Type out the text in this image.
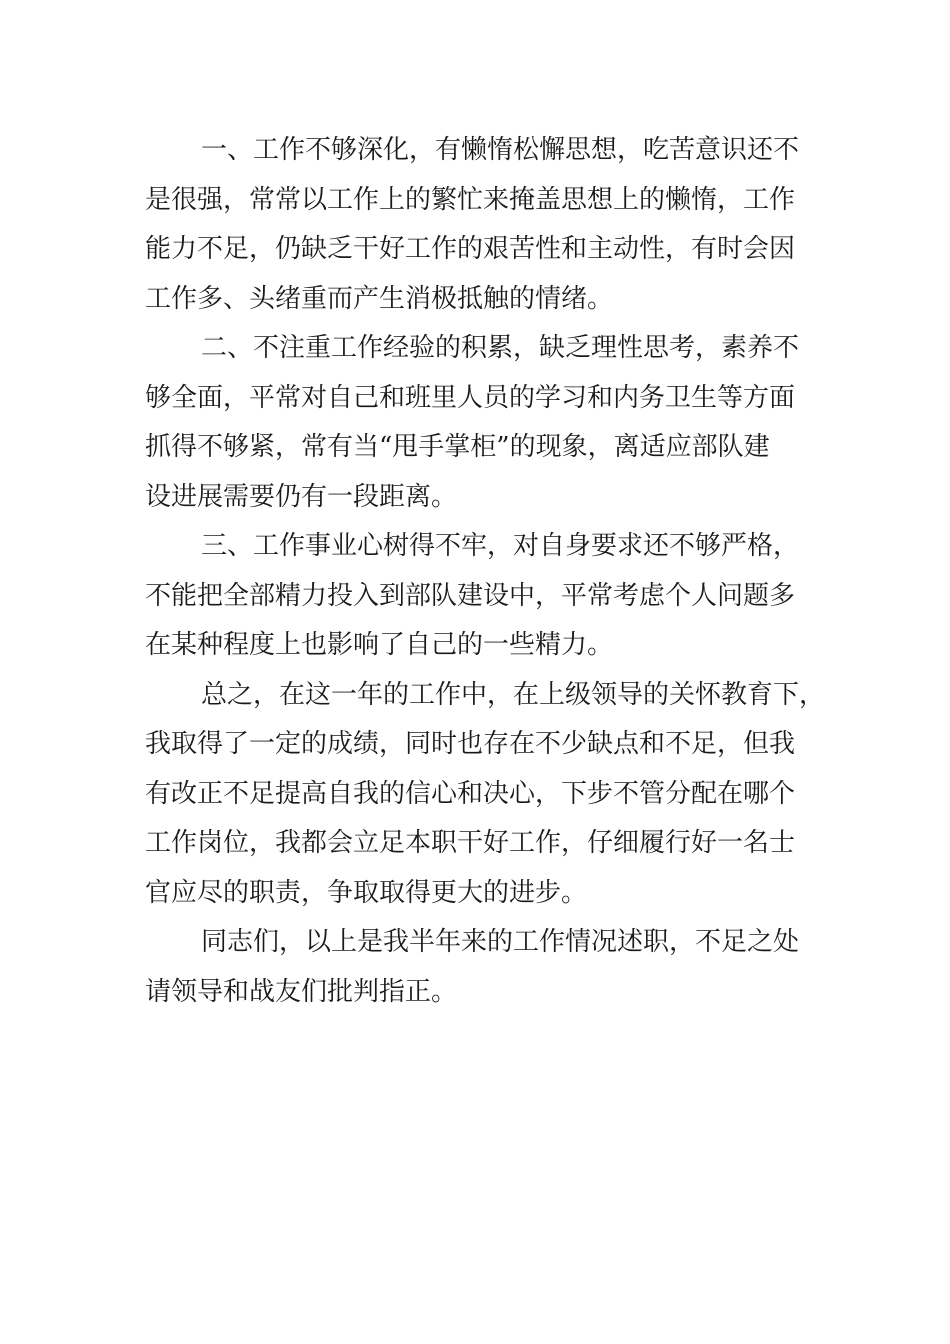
一、工作不够深化，有懒惰松懈思想，吃苦意识还不
是很强，常常以工作上的繁忙来掩盖思想上的懒惰，工作
能力不足，仍缺乏干好工作的艰苦性和主动性，有时会因
工作多、头绪重而产生消极抵触的情绪。

二、不注重工作经验的积累，缺乏理性思考，素养不
够全面，平常对自己和班里人员的学习和内务卫生等方面
抓得不够紧，常有当“甩手掌柜”的现象，离适应部队建
设进展需要仍有一段距离。

三、工作事业心树得不牢，对自身要求还不够严格，
不能把全部精力投入到部队建设中，平常考虑个人问题多
在某种程度上也影响了自己的一些精力。

总之，在这一年的工作中，在上级领导的关怀教育下，
我取得了一定的成绩，同时也存在不少缺点和不足，但我
有改正不足提高自我的信心和决心，下步不管分配在哪个
工作岗位，我都会立足本职干好工作，仔细履行好一名士
官应尽的职责，争取取得更大的进步。

同志们，以上是我半年来的工作情况述职，不足之处
请领导和战友们批判指正。
